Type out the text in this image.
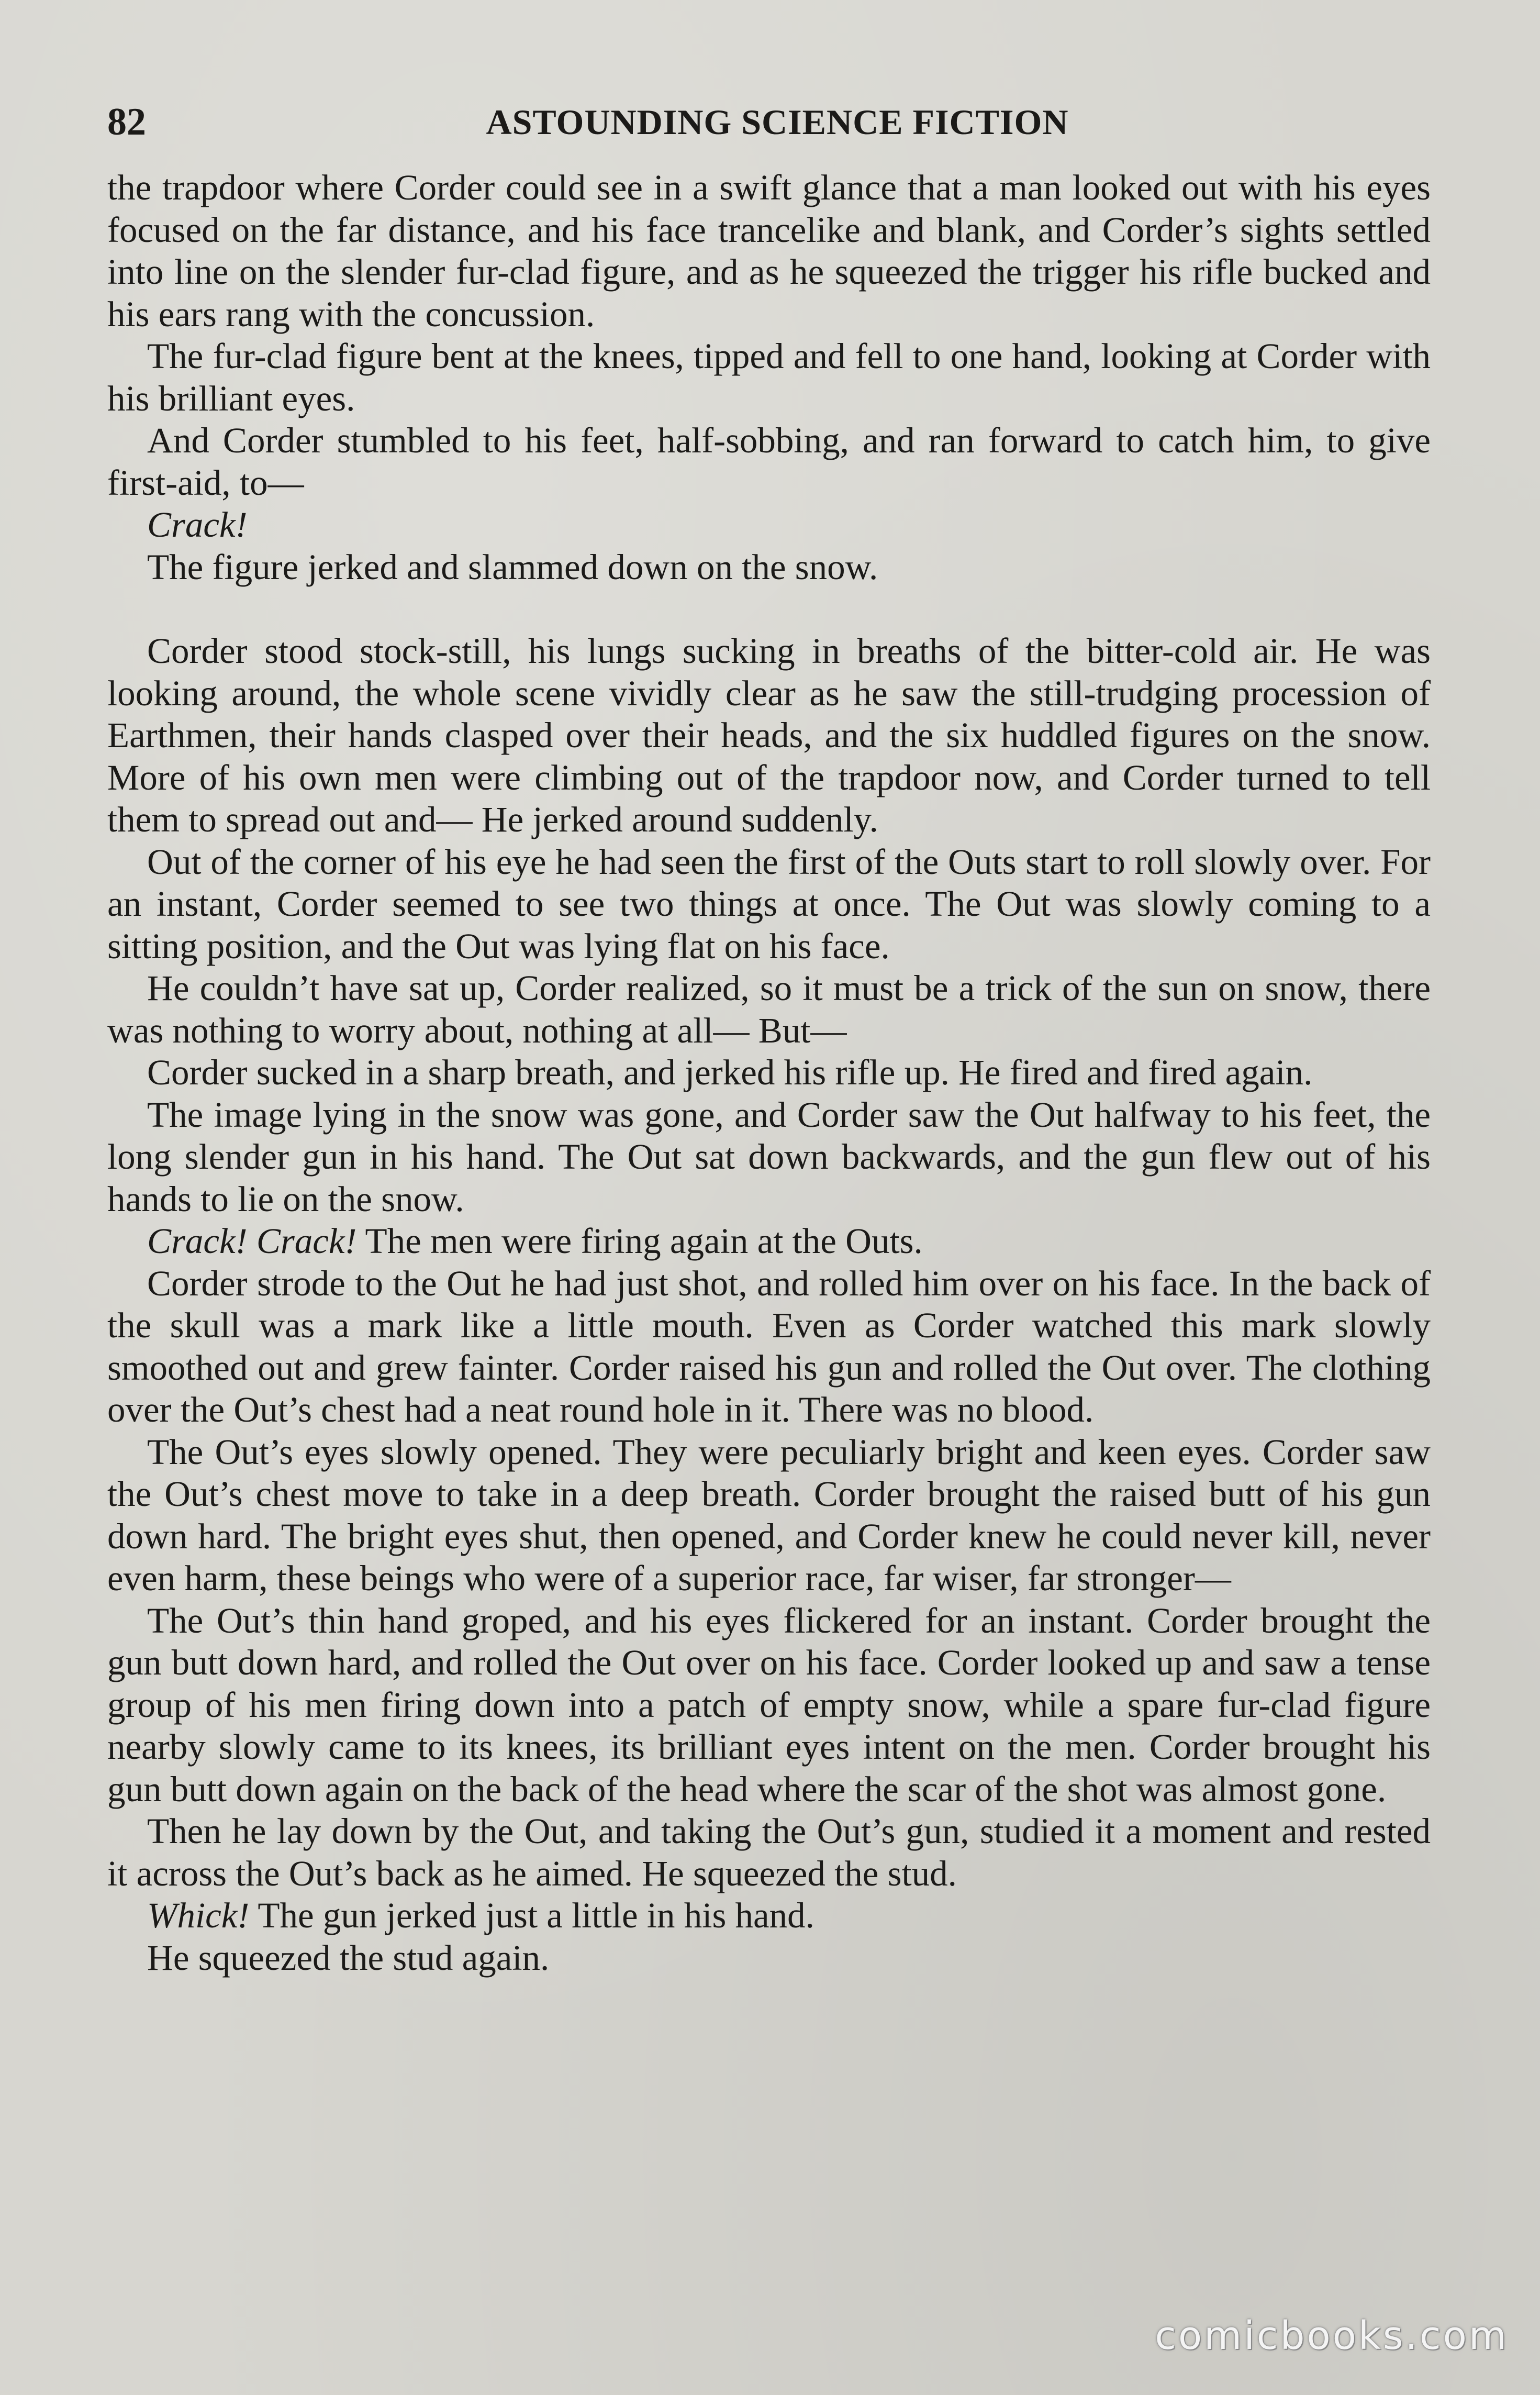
82	ASTOUNDING SCIENCE FICTION

the trapdoor where Corder could see in a swift glance that a man looked out with his eyes focused on the far distance, and his face trancelike and blank, and Corder’s sights settled into line on the slender fur-clad figure, and as he squeezed the trigger his rifle bucked and his ears rang with the concussion.

The fur-clad figure bent at the knees, tipped and fell to one hand, looking at Corder with his brilliant eyes.

And Corder stumbled to his feet, half-sobbing, and ran forward to catch him, to give first-aid, to—

Crack!

The figure jerked and slammed down on the snow.

Corder stood stock-still, his lungs sucking in breaths of the bitter-cold air. He was looking around, the whole scene vividly clear as he saw the still-trudging procession of Earthmen, their hands clasped over their heads, and the six huddled figures on the snow. More of his own men were climbing out of the trapdoor now, and Corder turned to tell them to spread out and— He jerked around suddenly.

Out of the corner of his eye he had seen the first of the Outs start to roll slowly over. For an instant, Corder seemed to see two things at once. The Out was slowly coming to a sitting position, and the Out was lying flat on his face.

He couldn’t have sat up, Corder realized, so it must be a trick of the sun on snow, there was nothing to worry about, nothing at all— But—

Corder sucked in a sharp breath, and jerked his rifle up. He fired and fired again.

The image lying in the snow was gone, and Corder saw the Out halfway to his feet, the long slender gun in his hand. The Out sat down backwards, and the gun flew out of his hands to lie on the snow.

Crack! Crack! The men were firing again at the Outs.

Corder strode to the Out he had just shot, and rolled him over on his face. In the back of the skull was a mark like a little mouth. Even as Corder watched this mark slowly smoothed out and grew fainter. Corder raised his gun and rolled the Out over. The clothing over the Out’s chest had a neat round hole in it. There was no blood.

The Out’s eyes slowly opened. They were peculiarly bright and keen eyes. Corder saw the Out’s chest move to take in a deep breath. Corder brought the raised butt of his gun down hard. The bright eyes shut, then opened, and Corder knew he could never kill, never even harm, these beings who were of a superior race, far wiser, far stronger—

The Out’s thin hand groped, and his eyes flickered for an instant. Corder brought the gun butt down hard, and rolled the Out over on his face. Corder looked up and saw a tense group of his men firing down into a patch of empty snow, while a spare fur-clad figure nearby slowly came to its knees, its brilliant eyes intent on the men. Corder brought his gun butt down again on the back of the head where the scar of the shot was almost gone.

Then he lay down by the Out, and taking the Out’s gun, studied it a moment and rested it across the Out’s back as he aimed. He squeezed the stud.

Whick! The gun jerked just a little in his hand.

He squeezed the stud again.

comicbooks.com
